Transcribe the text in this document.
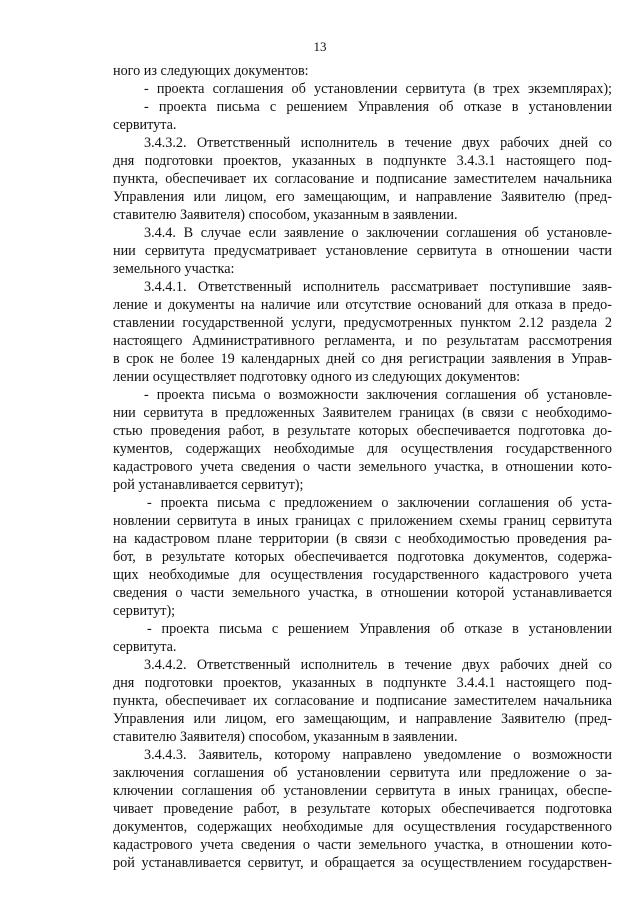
13
ного из следующих документов:
- проекта соглашения об установлении сервитута (в трех экземплярах);
- проекта письма с решением Управления об отказе в установлении
сервитута.
3.4.3.2. Ответственный исполнитель в течение двух рабочих дней со
дня подготовки проектов, указанных в подпункте 3.4.3.1 настоящего под-
пункта, обеспечивает их согласование и подписание заместителем начальника
Управления или лицом, его замещающим, и направление Заявителю (пред-
ставителю Заявителя) способом, указанным в заявлении.
3.4.4. В случае если заявление о заключении соглашения об установле-
нии сервитута предусматривает установление сервитута в отношении части
земельного участка:
3.4.4.1. Ответственный исполнитель рассматривает поступившие заяв-
ление и документы на наличие или отсутствие оснований для отказа в предо-
ставлении государственной услуги, предусмотренных пунктом 2.12 раздела 2
настоящего Административного регламента, и по результатам рассмотрения
в срок не более 19 календарных дней со дня регистрации заявления в Управ-
лении осуществляет подготовку одного из следующих документов:
- проекта письма о возможности заключения соглашения об установле-
нии сервитута в предложенных Заявителем границах (в связи с необходимо-
стью проведения работ, в результате которых обеспечивается подготовка до-
кументов, содержащих необходимые для осуществления государственного
кадастрового учета сведения о части земельного участка, в отношении кото-
рой устанавливается сервитут);
- проекта письма с предложением о заключении соглашения об уста-
новлении сервитута в иных границах с приложением схемы границ сервитута
на кадастровом плане территории (в связи с необходимостью проведения ра-
бот, в результате которых обеспечивается подготовка документов, содержа-
щих необходимые для осуществления государственного кадастрового учета
сведения о части земельного участка, в отношении которой устанавливается
сервитут);
- проекта письма с решением Управления об отказе в установлении
сервитута.
3.4.4.2. Ответственный исполнитель в течение двух рабочих дней со
дня подготовки проектов, указанных в подпункте 3.4.4.1 настоящего под-
пункта, обеспечивает их согласование и подписание заместителем начальника
Управления или лицом, его замещающим, и направление Заявителю (пред-
ставителю Заявителя) способом, указанным в заявлении.
3.4.4.3. Заявитель, которому направлено уведомление о возможности
заключения соглашения об установлении сервитута или предложение о за-
ключении соглашения об установлении сервитута в иных границах, обеспе-
чивает проведение работ, в результате которых обеспечивается подготовка
документов, содержащих необходимые для осуществления государственного
кадастрового учета сведения о части земельного участка, в отношении кото-
рой устанавливается сервитут, и обращается за осуществлением государствен-
